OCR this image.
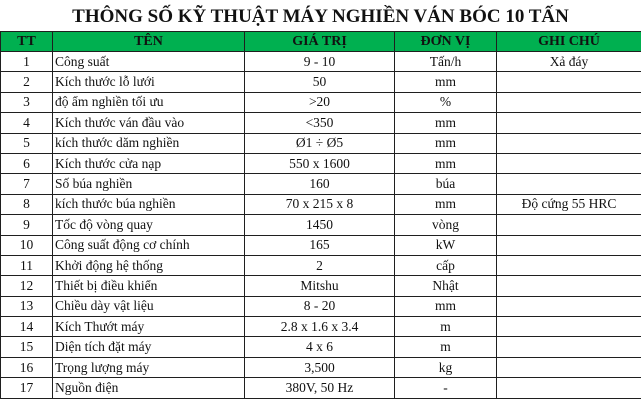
THÔNG SỐ KỸ THUẬT MÁY NGHIỀN VÁN BÓC 10 TẤN
TT	TÊN	GIÁ TRỊ	ĐƠN VỊ	GHI CHÚ
1	Công suất	9 - 10	Tấn/h	Xả đáy
2	Kích thước lỗ lưới	50	mm	
3	độ ẩm nghiền tối ưu	>20	%	
4	Kích thước ván đầu vào	<350	mm	
5	kích thước dăm nghiền	Ø1 ÷ Ø5	mm	
6	Kích thước cửa nạp	550 x 1600	mm	
7	Số búa nghiền	160	búa	
8	kích thước búa nghiền	70 x 215 x 8	mm	Độ cứng 55 HRC
9	Tốc độ vòng quay	1450	vòng	
10	Công suất động cơ chính	165	kW	
11	Khởi động hệ thống	2	cấp	
12	Thiết bị điều khiển	Mitshu	Nhật	
13	Chiều dày vật liệu	8 - 20	mm	
14	Kích Thướt máy	2.8 x 1.6 x 3.4	m	
15	Diện tích đặt máy	4 x 6	m	
16	Trọng lượng máy	3,500	kg	
17	Nguồn điện	380V, 50 Hz	-	
